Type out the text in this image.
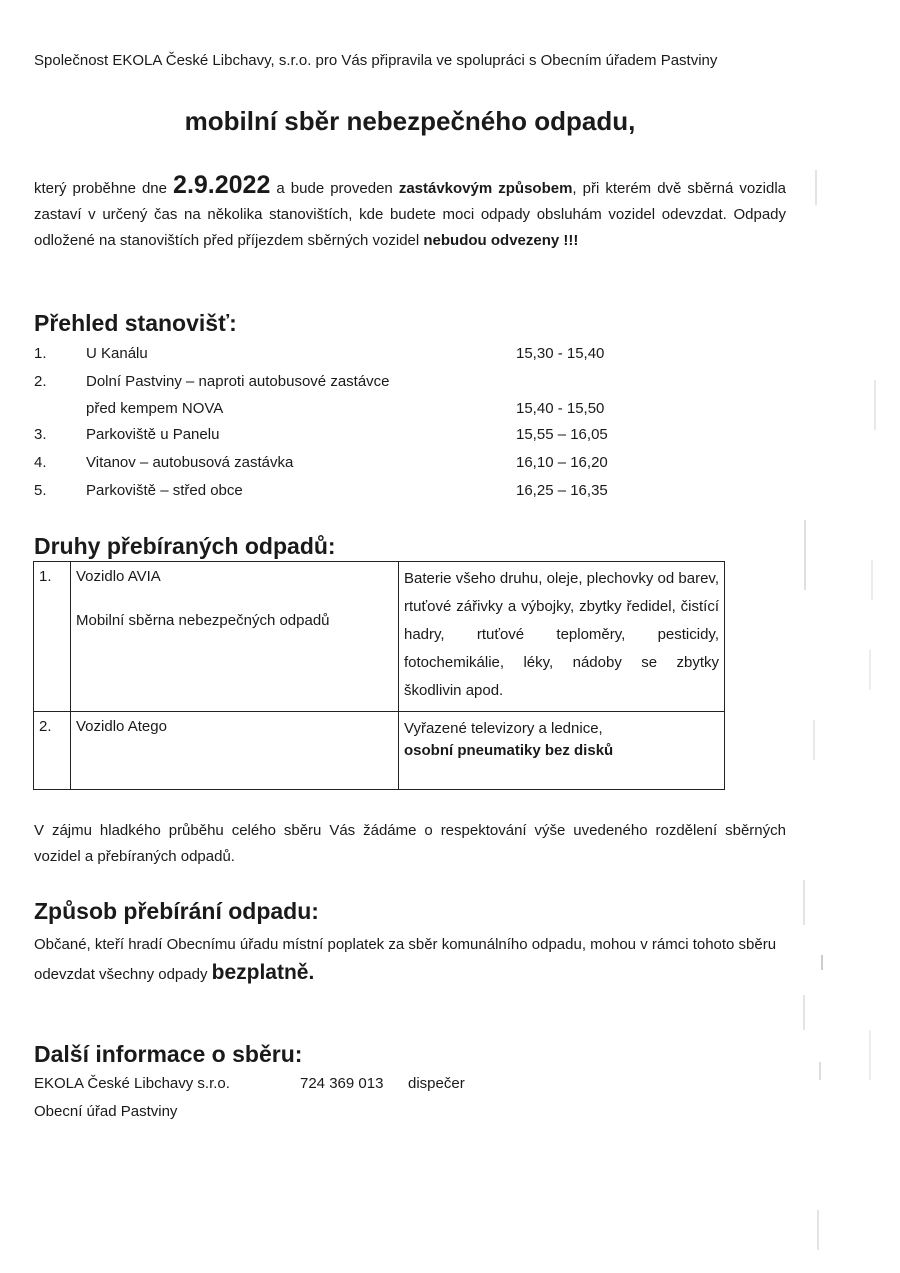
Společnost EKOLA České Libchavy, s.r.o. pro Vás připravila ve spolupráci s Obecním úřadem Pastviny
mobilní sběr nebezpečného odpadu,
který proběhne dne 2.9.2022 a bude proveden zastávkovým způsobem, při kterém dvě sběrná vozidla zastaví v určený čas na několika stanovištích, kde budete moci odpady obsluhám vozidel odevzdat. Odpady odložené na stanovištích před příjezdem sběrných vozidel nebudou odvezeny !!!
Přehled stanovišť:
1.	U Kanálu	15,30 - 15,40
2.	Dolní Pastviny – naproti autobusové zastávce
před kempem NOVA	15,40 - 15,50
3.	Parkoviště u Panelu	15,55 – 16,05
4.	Vitanov – autobusová zastávka	16,10 – 16,20
5.	Parkoviště – střed obce	16,25 – 16,35
Druhy přebíraných odpadů:
1.	Vozidlo AVIA
Mobilní sběrna nebezpečných odpadů	Baterie všeho druhu, oleje, plechovky od barev, rtuťové zářivky a výbojky, zbytky ředidel, čistící hadry, rtuťové teploměry, pesticidy, fotochemikálie, léky, nádoby se zbytky škodlivin apod.
2.	Vozidlo Atego	Vyřazené televizory a lednice,
osobní pneumatiky bez disků
V zájmu hladkého průběhu celého sběru Vás žádáme o respektování výše uvedeného rozdělení sběrných vozidel a přebíraných odpadů.
Způsob přebírání odpadu:
Občané, kteří hradí Obecnímu úřadu místní poplatek za sběr komunálního odpadu, mohou v rámci tohoto sběru odevzdat všechny odpady bezplatně.
Další informace o sběru:
EKOLA České Libchavy s.r.o.	724 369 013 dispečer
Obecní úřad Pastviny
